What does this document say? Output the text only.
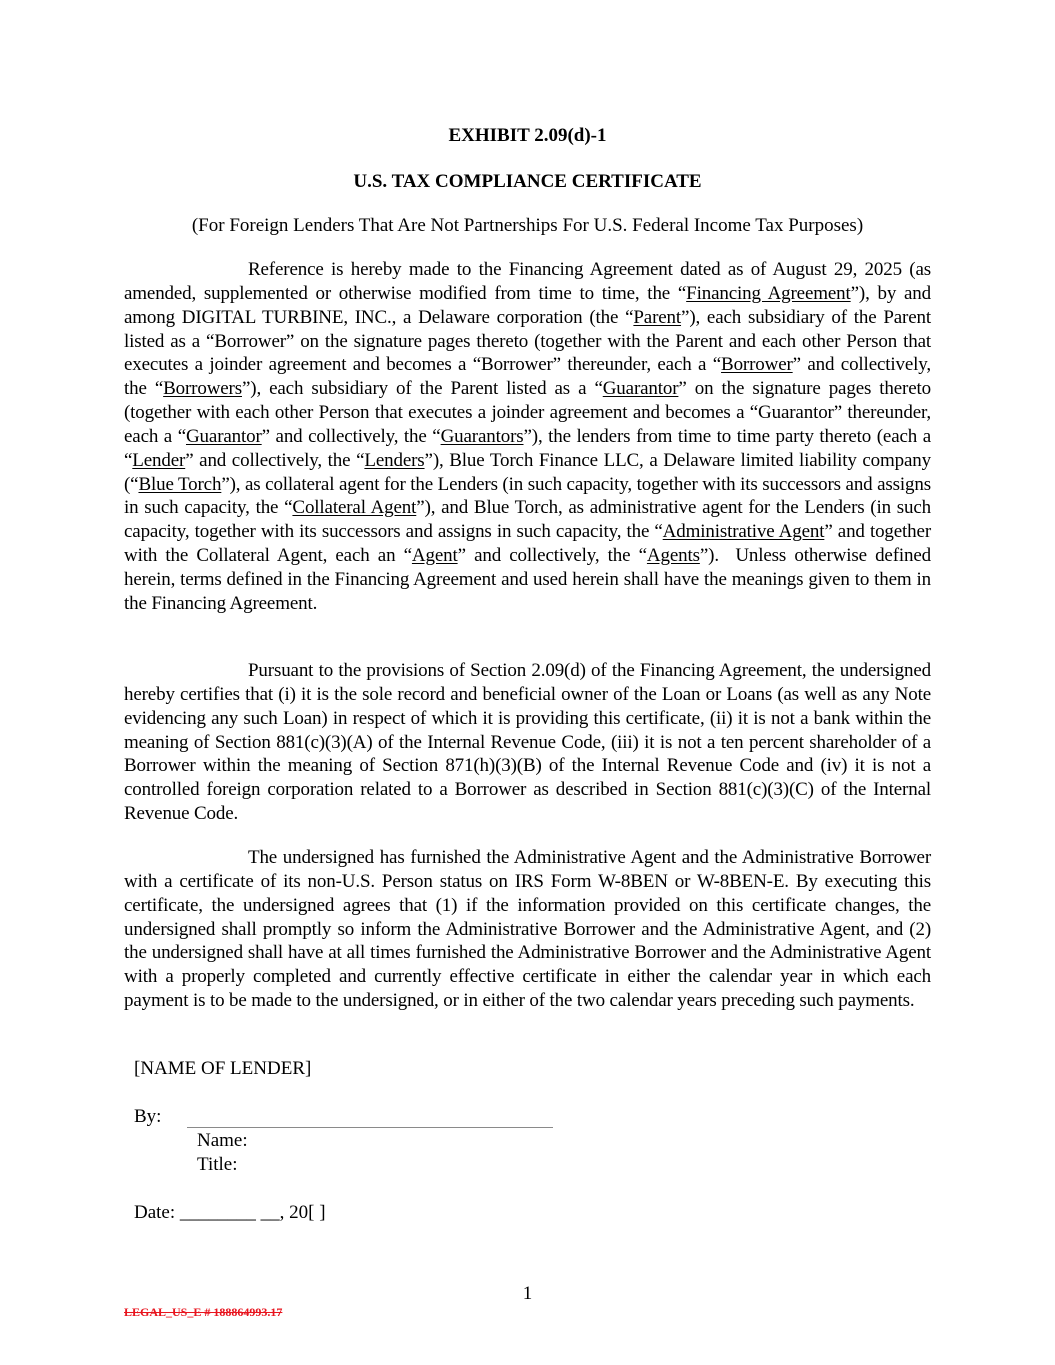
EXHIBIT 2.09(d)-1
U.S. TAX COMPLIANCE CERTIFICATE
(For Foreign Lenders That Are Not Partnerships For U.S. Federal Income Tax Purposes)

Reference is hereby made to the Financing Agreement dated as of August 29, 2025 (as amended, supplemented or otherwise modified from time to time, the “Financing Agreement”), by and among DIGITAL TURBINE, INC., a Delaware corporation (the “Parent”), each subsidiary of the Parent listed as a “Borrower” on the signature pages thereto (together with the Parent and each other Person that executes a joinder agreement and becomes a “Borrower” thereunder, each a “Borrower” and collectively, the “Borrowers”), each subsidiary of the Parent listed as a “Guarantor” on the signature pages thereto (together with each other Person that executes a joinder agreement and becomes a “Guarantor” thereunder, each a “Guarantor” and collectively, the “Guarantors”), the lenders from time to time party thereto (each a “Lender” and collectively, the “Lenders”), Blue Torch Finance LLC, a Delaware limited liability company (“Blue Torch”), as collateral agent for the Lenders (in such capacity, together with its successors and assigns in such capacity, the “Collateral Agent”), and Blue Torch, as administrative agent for the Lenders (in such capacity, together with its successors and assigns in such capacity, the “Administrative Agent” and together with the Collateral Agent, each an “Agent” and collectively, the “Agents”).  Unless otherwise defined herein, terms defined in the Financing Agreement and used herein shall have the meanings given to them in the Financing Agreement.

Pursuant to the provisions of Section 2.09(d) of the Financing Agreement, the undersigned hereby certifies that (i) it is the sole record and beneficial owner of the Loan or Loans (as well as any Note evidencing any such Loan) in respect of which it is providing this certificate, (ii) it is not a bank within the meaning of Section 881(c)(3)(A) of the Internal Revenue Code, (iii) it is not a ten percent shareholder of a Borrower within the meaning of Section 871(h)(3)(B) of the Internal Revenue Code and (iv) it is not a controlled foreign corporation related to a Borrower as described in Section 881(c)(3)(C) of the Internal Revenue Code.

The undersigned has furnished the Administrative Agent and the Administrative Borrower with a certificate of its non-U.S. Person status on IRS Form W-8BEN or W-8BEN-E. By executing this certificate, the undersigned agrees that (1) if the information provided on this certificate changes, the undersigned shall promptly so inform the Administrative Borrower and the Administrative Agent, and (2) the undersigned shall have at all times furnished the Administrative Borrower and the Administrative Agent with a properly completed and currently effective certificate in either the calendar year in which each payment is to be made to the undersigned, or in either of the two calendar years preceding such payments.

[NAME OF LENDER]
By:
Name:
Title:
Date: ________ __, 20[ ]
1
LEGAL_US_E # 188864993.17
